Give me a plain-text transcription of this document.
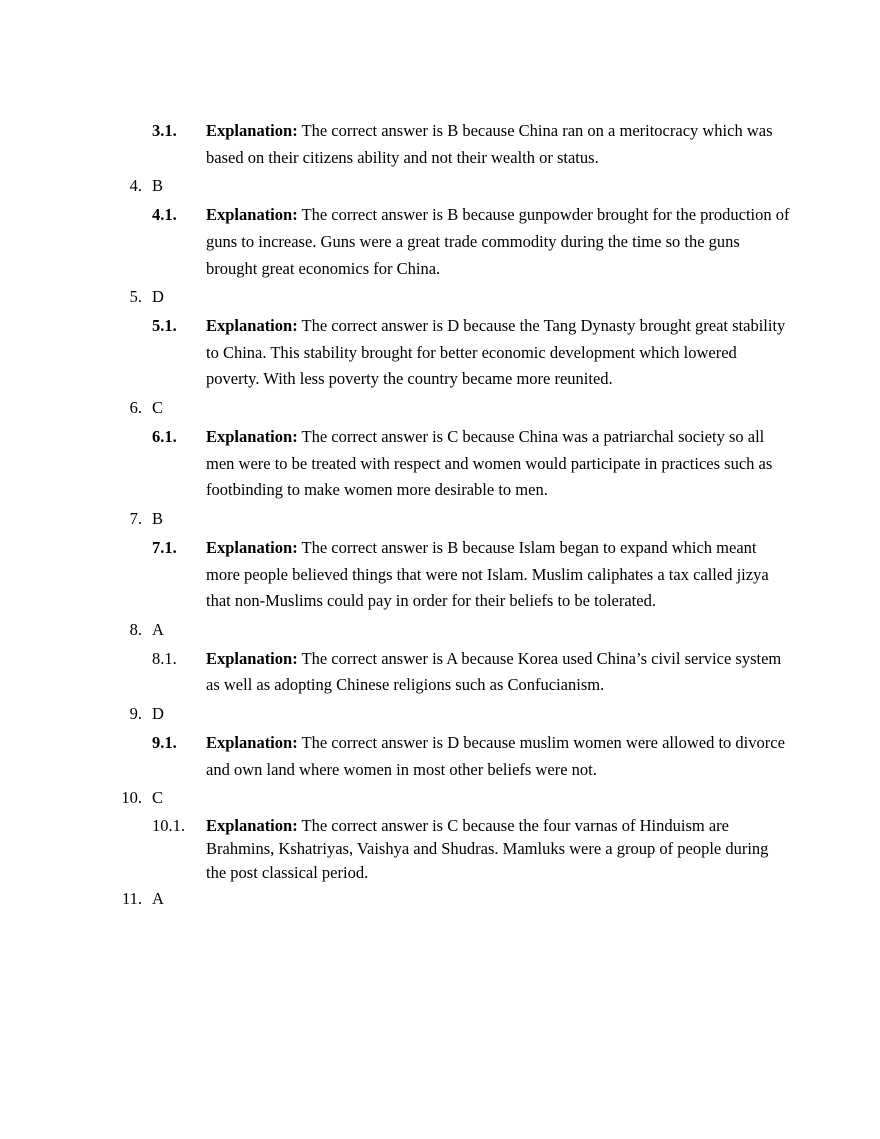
3.1.	Explanation: The correct answer is B because China ran on a meritocracy which was based on their citizens ability and not their wealth or status.
4. B
4.1.	Explanation: The correct answer is B because gunpowder brought for the production of guns to increase. Guns were a great trade commodity during the time so the guns brought great economics for China.
5. D
5.1.	Explanation: The correct answer is D because the Tang Dynasty brought great stability to China. This stability brought for better economic development which lowered poverty. With less poverty the country became more reunited.
6. C
6.1.	Explanation: The correct answer is C because China was a patriarchal society so all men were to be treated with respect and women would participate in practices such as footbinding to make women more desirable to men.
7. B
7.1.	Explanation: The correct answer is B because Islam began to expand which meant more people believed things that were not Islam. Muslim caliphates a tax called jizya that non-Muslims could pay in order for their beliefs to be tolerated.
8. A
8.1.	Explanation: The correct answer is A because Korea used China’s civil service system as well as adopting Chinese religions such as Confucianism.
9. D
9.1.	Explanation: The correct answer is D because muslim women were allowed to divorce and own land where women in most other beliefs were not.
10. C
10.1.	Explanation: The correct answer is C because the four varnas of Hinduism are Brahmins, Kshatriyas, Vaishya and Shudras. Mamluks were a group of people during the post classical period.
11. A
